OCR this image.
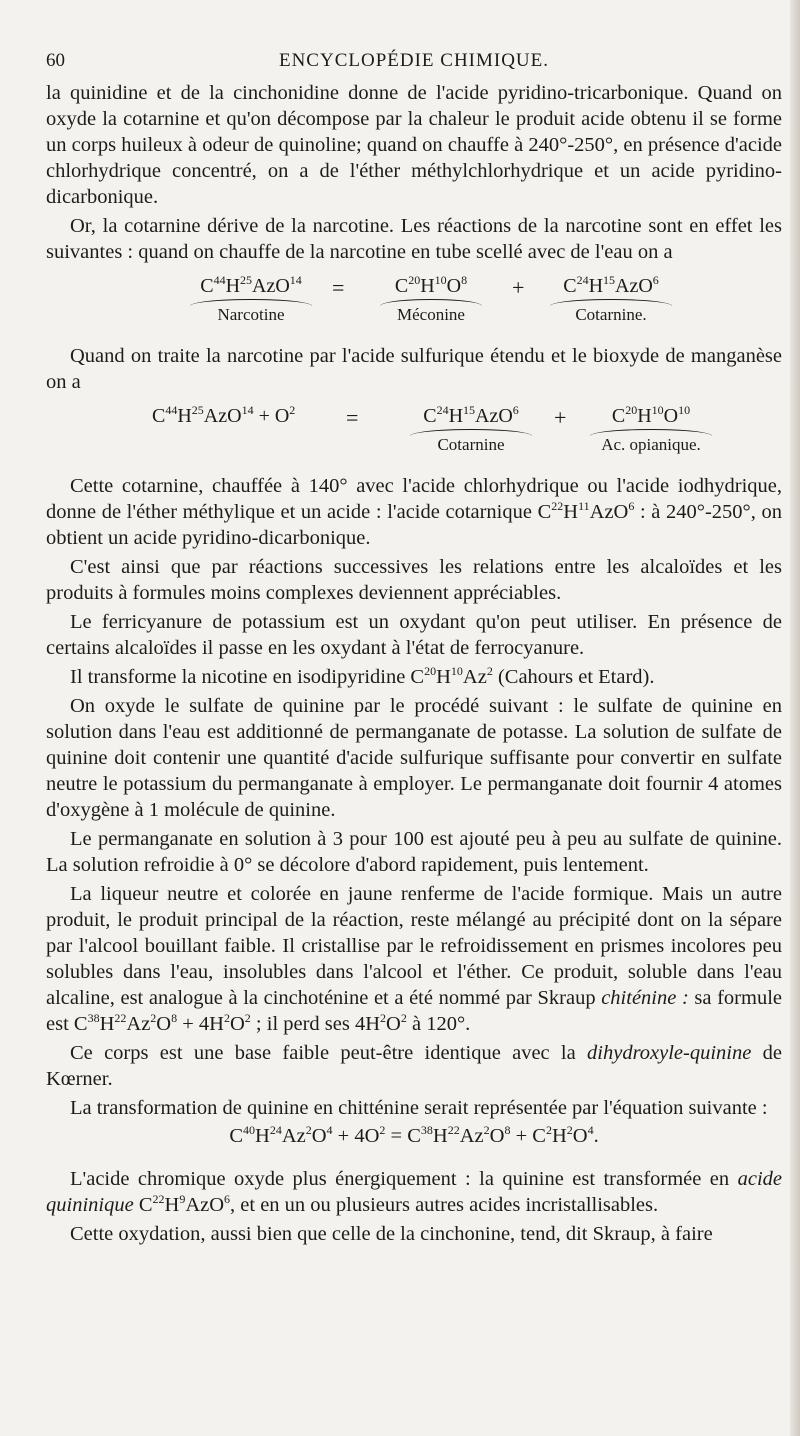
60	ENCYCLOPÉDIE CHIMIQUE.

la quinidine et de la cinchonidine donne de l'acide pyridino-tricarbonique. Quand on oxyde la cotarnine et qu'on décompose par la chaleur le produit acide obtenu il se forme un corps huileux à odeur de quinoline; quand on chauffe à 240°-250°, en présence d'acide chlorhydrique concentré, on a de l'éther méthylchlorhydrique et un acide pyridino-dicarbonique.

Or, la cotarnine dérive de la narcotine. Les réactions de la narcotine sont en effet les suivantes : quand on chauffe de la narcotine en tube scellé avec de l'eau on a

$C^{44}H^{25}AzO^{14}$
Narcotine
=	$C^{20}H^{10}O^8$
Méconine
+	$C^{24}H^{15}AzO^6$
Cotarnine.

Quand on traite la narcotine par l'acide sulfurique étendu et le bioxyde de manganèse on a

$C^{44}H^{25}AzO^{14} + O^2$	=	$C^{24}H^{15}AzO^6$
Cotarnine
+	$C^{20}H^{10}O^{10}$
Ac. opianique.

Cette cotarnine, chauffée à 140° avec l'acide chlorhydrique ou l'acide iodhydrique, donne de l'éther méthylique et un acide : l'acide cotarnique $C^{22}H^{11}AzO^6$ : à 240°-250°, on obtient un acide pyridino-dicarbonique.

C'est ainsi que par réactions successives les relations entre les alcaloïdes et les produits à formules moins complexes deviennent appréciables.

Le ferricyanure de potassium est un oxydant qu'on peut utiliser. En présence de certains alcaloïdes il passe en les oxydant à l'état de ferrocyanure.

Il transforme la nicotine en isodipyridine $C^{20}H^{10}Az^2$ (Cahours et Etard).

On oxyde le sulfate de quinine par le procédé suivant : le sulfate de quinine en solution dans l'eau est additionné de permanganate de potasse. La solution de sulfate de quinine doit contenir une quantité d'acide sulfurique suffisante pour convertir en sulfate neutre le potassium du permanganate à employer. Le permanganate doit fournir 4 atomes d'oxygène à 1 molécule de quinine.

Le permanganate en solution à 3 pour 100 est ajouté peu à peu au sulfate de quinine. La solution refroidie à 0° se décolore d'abord rapidement, puis lentement.

La liqueur neutre et colorée en jaune renferme de l'acide formique. Mais un autre produit, le produit principal de la réaction, reste mélangé au précipité dont on la sépare par l'alcool bouillant faible. Il cristallise par le refroidissement en prismes incolores peu solubles dans l'eau, insolubles dans l'alcool et l'éther. Ce produit, soluble dans l'eau alcaline, est analogue à la cinchoténine et a été nommé par Skraup chiténine : sa formule est $C^{38}H^{22}Az^2O^8 + 4H^2O^2$ ; il perd ses $4H^2O^2$ à 120°.

Ce corps est une base faible peut-être identique avec la dihydroxyle-quinine de Kœrner.

La transformation de quinine en chitténine serait représentée par l'équation suivante :

$C^{40}H^{24}Az^2O^4 + 4O^2 = C^{38}H^{22}Az^2O^8 + C^2H^2O^4$.

L'acide chromique oxyde plus énergiquement : la quinine est transformée en acide quininique $C^{22}H^9AzO^6$, et en un ou plusieurs autres acides incristallisables.

Cette oxydation, aussi bien que celle de la cinchonine, tend, dit Skraup, à faire
